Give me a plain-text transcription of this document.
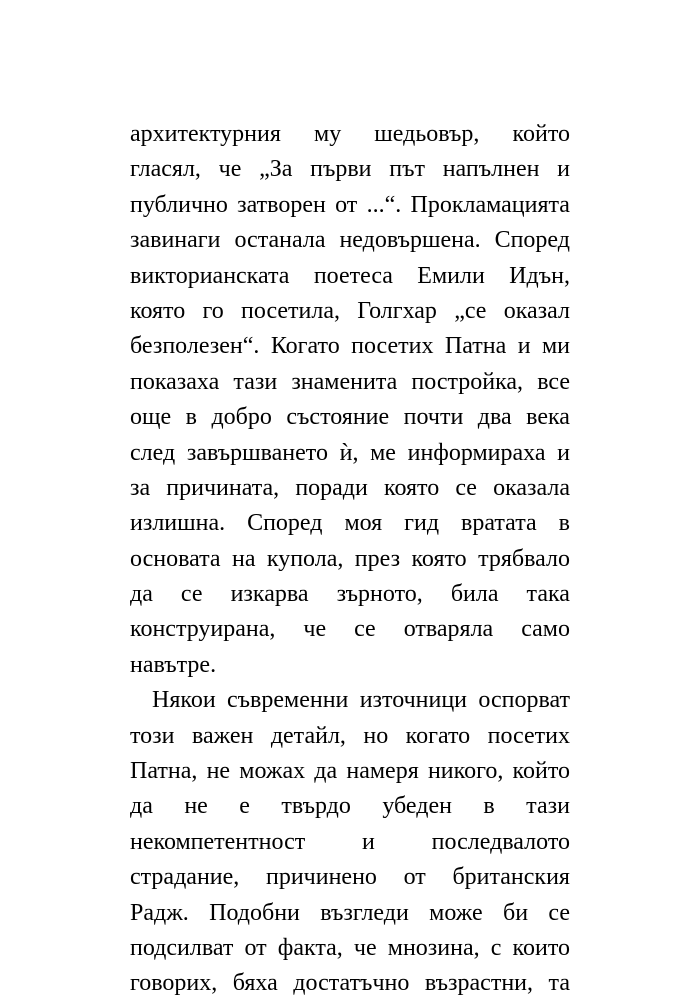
архитектурния му шедьовър, който
гласял, че „За първи път напълнен и
публично затворен от ...“. Прокламацията
завинаги останала недовършена. Според
викторианската поетеса Емили Идън,
която го посетила, Голгхар „се оказал
безполезен“. Когато посетих Патна и ми
показаха тази знаменита постройка, все
още в добро състояние почти два века
след завършването ѝ, ме информираха и
за причината, поради която се оказала
излишна. Според моя гид вратата в
основата на купола, през която трябвало
да се изкарва зърното, била така
конструирана, че се отваряла само
навътре.
Някои съвременни източници оспорват
този важен детайл, но когато посетих
Патна, не можах да намеря никого, който
да не е твърдо убеден в тази
некомпетентност и последвалото
страдание, причинено от британския
Радж. Подобни възгледи може би се
подсилват от факта, че мнозина, с които
говорих, бяха достатъчно възрастни, та
